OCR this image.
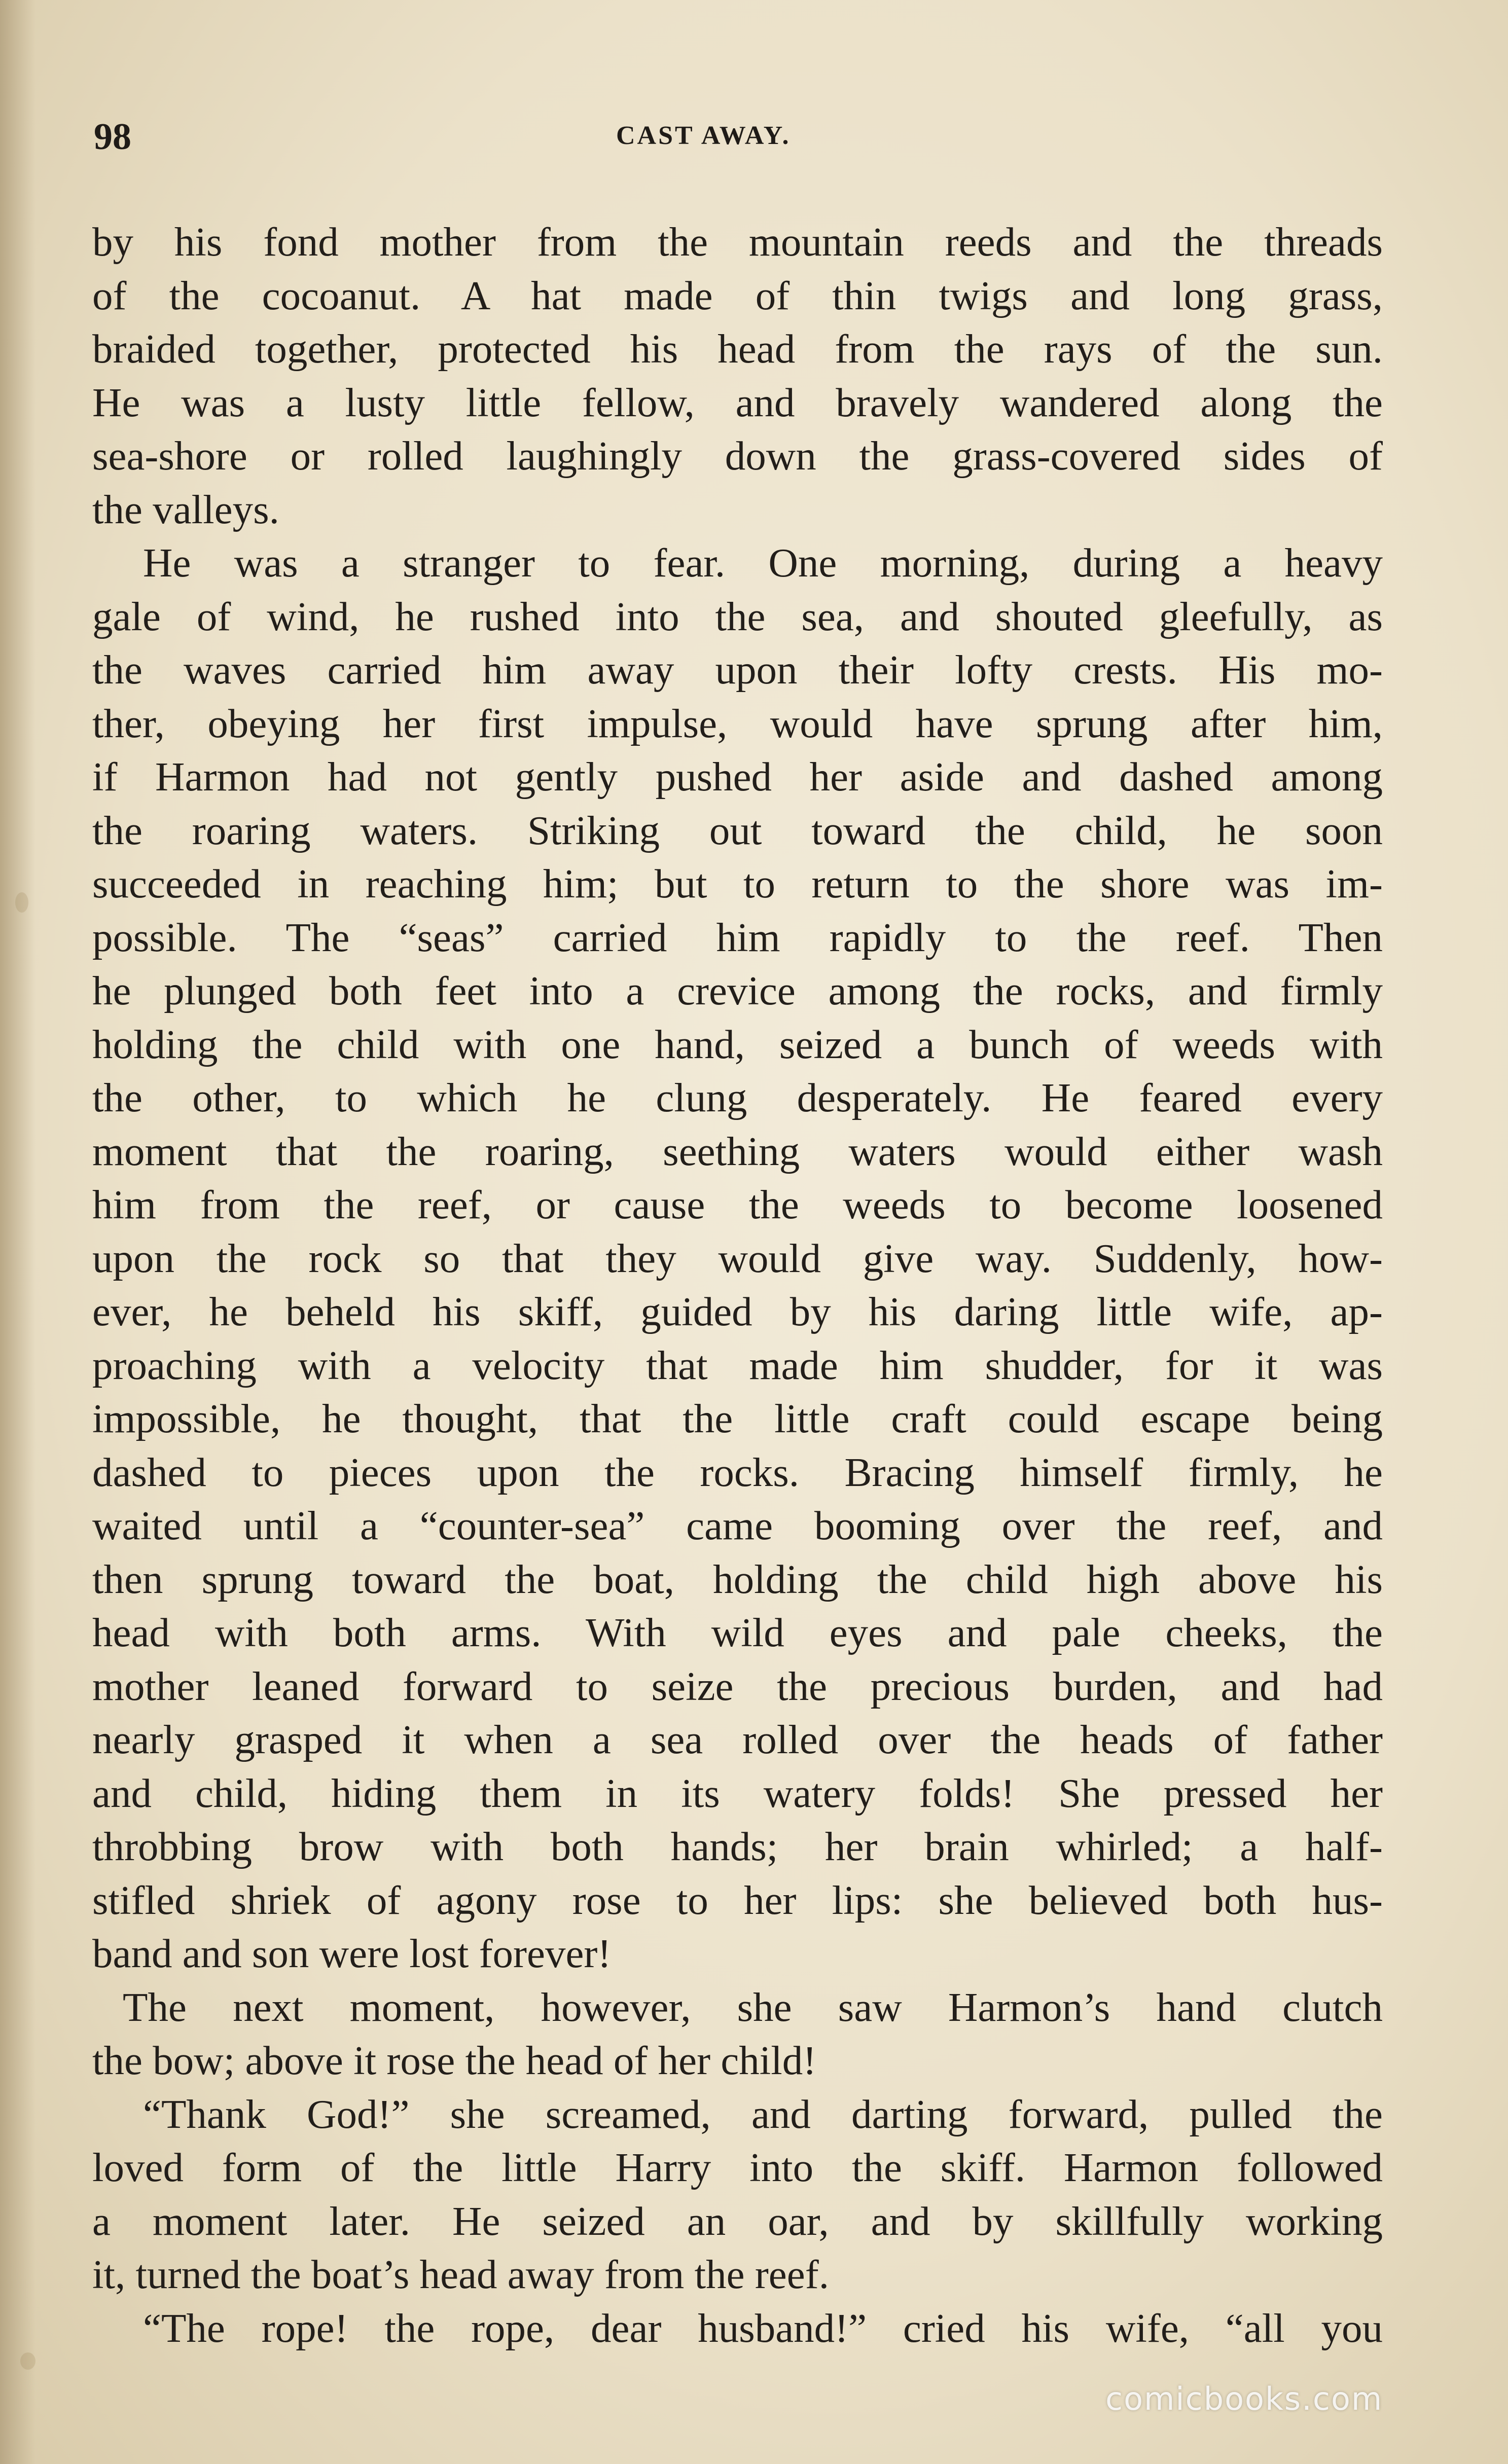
98	CAST AWAY.
by his fond mother from the mountain reeds and the threads
of the cocoanut. A hat made of thin twigs and long grass,
braided together, protected his head from the rays of the sun.
He was a lusty little fellow, and bravely wandered along the
sea-shore or rolled laughingly down the grass-covered sides of
the valleys.
He was a stranger to fear. One morning, during a heavy
gale of wind, he rushed into the sea, and shouted gleefully, as
the waves carried him away upon their lofty crests. His mo-
ther, obeying her first impulse, would have sprung after him,
if Harmon had not gently pushed her aside and dashed among
the roaring waters. Striking out toward the child, he soon
succeeded in reaching him; but to return to the shore was im-
possible. The “seas” carried him rapidly to the reef. Then
he plunged both feet into a crevice among the rocks, and firmly
holding the child with one hand, seized a bunch of weeds with
the other, to which he clung desperately. He feared every
moment that the roaring, seething waters would either wash
him from the reef, or cause the weeds to become loosened
upon the rock so that they would give way. Suddenly, how-
ever, he beheld his skiff, guided by his daring little wife, ap-
proaching with a velocity that made him shudder, for it was
impossible, he thought, that the little craft could escape being
dashed to pieces upon the rocks. Bracing himself firmly, he
waited until a “counter-sea” came booming over the reef, and
then sprung toward the boat, holding the child high above his
head with both arms. With wild eyes and pale cheeks, the
mother leaned forward to seize the precious burden, and had
nearly grasped it when a sea rolled over the heads of father
and child, hiding them in its watery folds! She pressed her
throbbing brow with both hands; her brain whirled; a half-
stifled shriek of agony rose to her lips: she believed both hus-
band and son were lost forever!
The next moment, however, she saw Harmon’s hand clutch
the bow; above it rose the head of her child!
“Thank God!” she screamed, and darting forward, pulled the
loved form of the little Harry into the skiff. Harmon followed
a moment later. He seized an oar, and by skillfully working
it, turned the boat’s head away from the reef.
“The rope! the rope, dear husband!” cried his wife, “all you
comicbooks.com
